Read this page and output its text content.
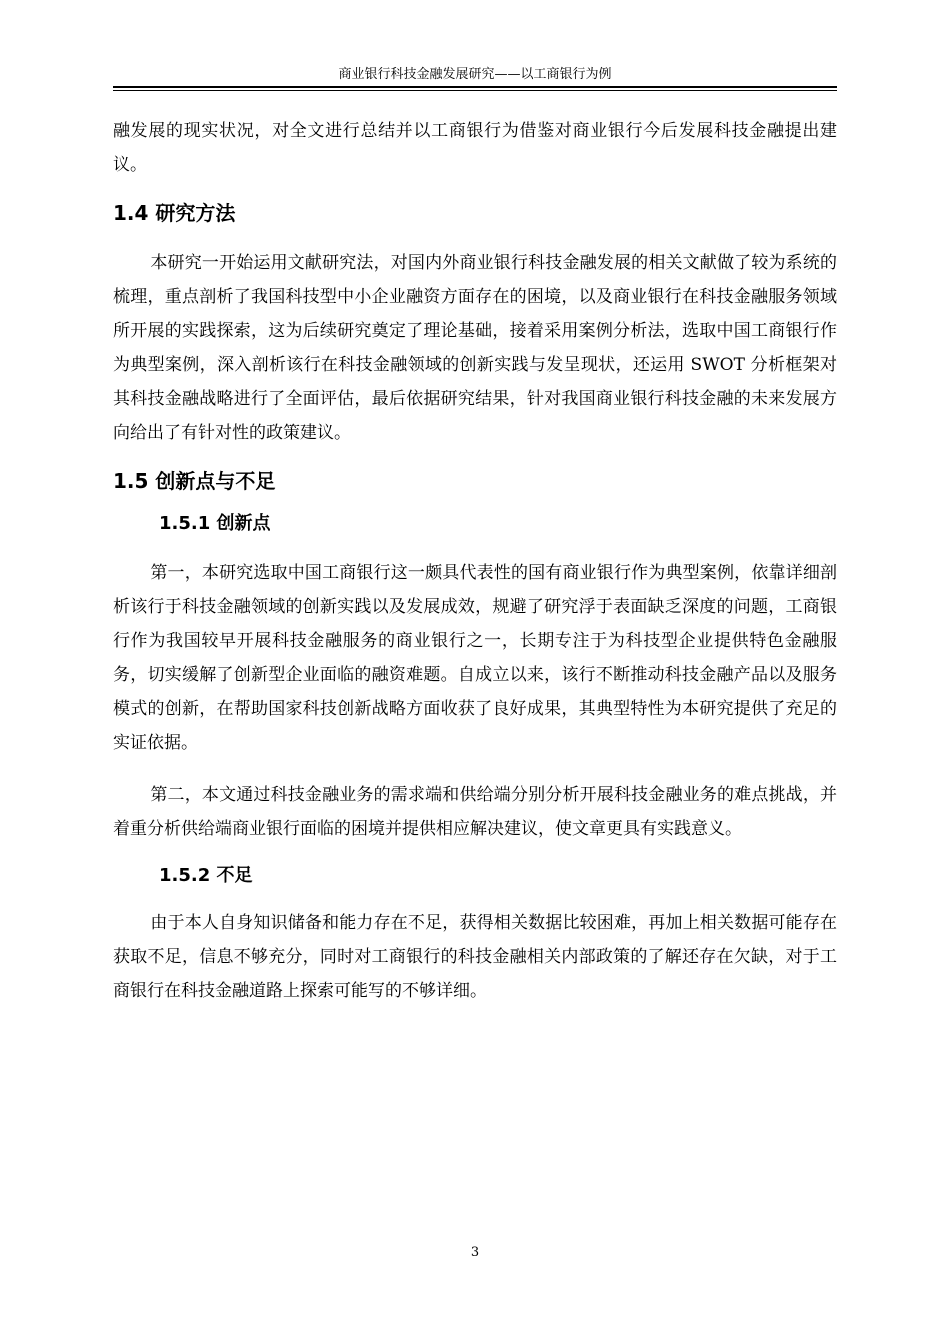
商业银行科技金融发展研究——以工商银行为例

融发展的现实状况，对全文进行总结并以工商银行为借鉴对商业银行今后发展科技金融提出建议。

1.4 研究方法

本研究一开始运用文献研究法，对国内外商业银行科技金融发展的相关文献做了较为系统的梳理，重点剖析了我国科技型中小企业融资方面存在的困境，以及商业银行在科技金融服务领域所开展的实践探索，这为后续研究奠定了理论基础，接着采用案例分析法，选取中国工商银行作为典型案例，深入剖析该行在科技金融领域的创新实践与发呈现状，还运用 SWOT 分析框架对其科技金融战略进行了全面评估，最后依据研究结果，针对我国商业银行科技金融的未来发展方向给出了有针对性的政策建议。

1.5 创新点与不足
1.5.1 创新点

第一，本研究选取中国工商银行这一颇具代表性的国有商业银行作为典型案例，依靠详细剖析该行于科技金融领域的创新实践以及发展成效，规避了研究浮于表面缺乏深度的问题，工商银行作为我国较早开展科技金融服务的商业银行之一，长期专注于为科技型企业提供特色金融服务，切实缓解了创新型企业面临的融资难题。自成立以来，该行不断推动科技金融产品以及服务模式的创新，在帮助国家科技创新战略方面收获了良好成果，其典型特性为本研究提供了充足的实证依据。

第二，本文通过科技金融业务的需求端和供给端分别分析开展科技金融业务的难点挑战，并着重分析供给端商业银行面临的困境并提供相应解决建议，使文章更具有实践意义。

1.5.2 不足

由于本人自身知识储备和能力存在不足，获得相关数据比较困难，再加上相关数据可能存在获取不足，信息不够充分，同时对工商银行的科技金融相关内部政策的了解还存在欠缺，对于工商银行在科技金融道路上探索可能写的不够详细。

3
